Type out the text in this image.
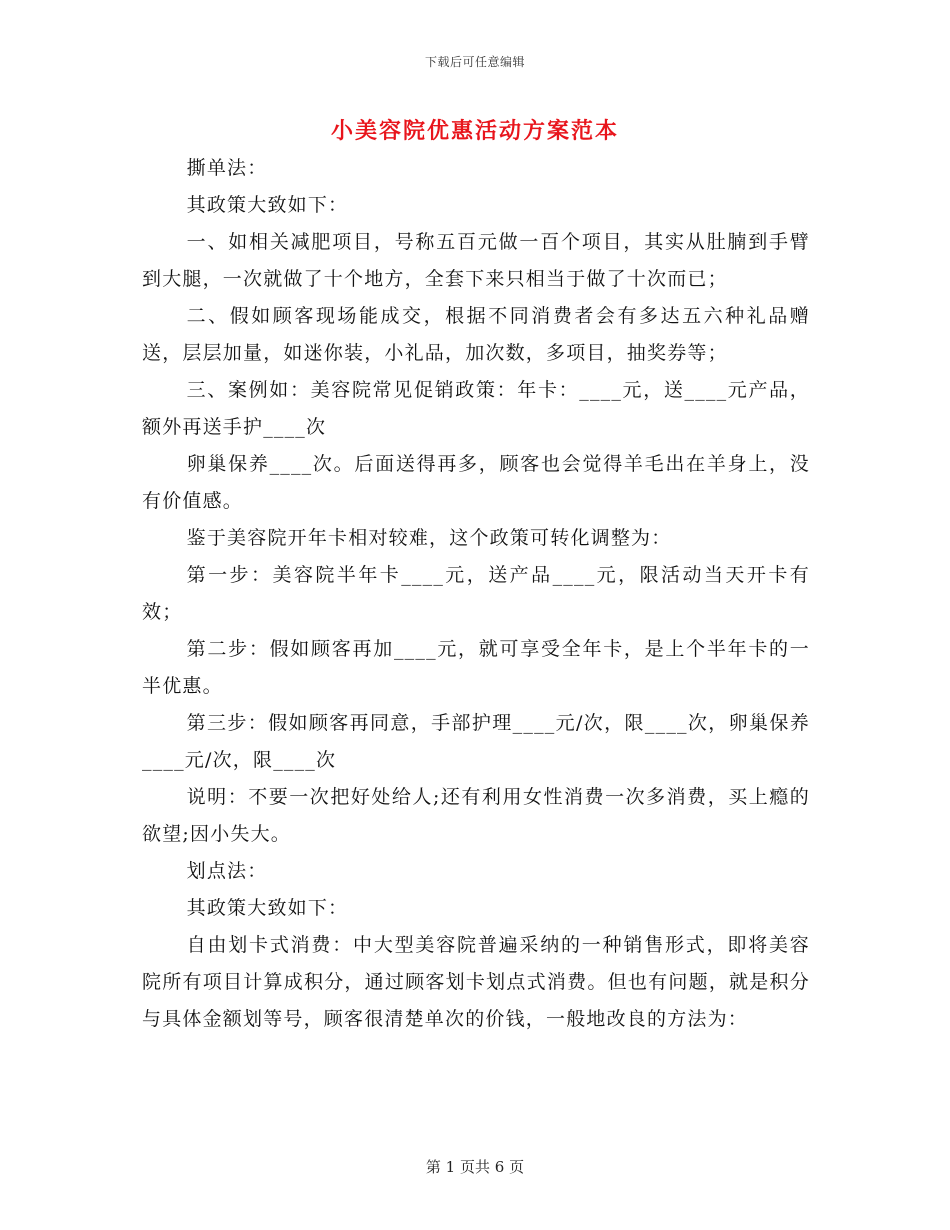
下载后可任意编辑
小美容院优惠活动方案范本

撕单法：

其政策大致如下：

一、如相关减肥项目，号称五百元做一百个项目，其实从肚腩到手臂到大腿，一次就做了十个地方，全套下来只相当于做了十次而已；

二、假如顾客现场能成交，根据不同消费者会有多达五六种礼品赠送，层层加量，如迷你装，小礼品，加次数，多项目，抽奖券等；

三、案例如：美容院常见促销政策：年卡：____元，送____元产品，额外再送手护____次

卵巢保养____次。后面送得再多，顾客也会觉得羊毛出在羊身上，没有价值感。

鉴于美容院开年卡相对较难，这个政策可转化调整为：

第一步：美容院半年卡____元，送产品____元，限活动当天开卡有效；

第二步：假如顾客再加____元，就可享受全年卡，是上个半年卡的一半优惠。

第三步：假如顾客再同意，手部护理____元/次，限____次，卵巢保养____元/次，限____次

说明：不要一次把好处给人;还有利用女性消费一次多消费，买上瘾的欲望;因小失大。

划点法：

其政策大致如下：

自由划卡式消费：中大型美容院普遍采纳的一种销售形式，即将美容院所有项目计算成积分，通过顾客划卡划点式消费。但也有问题，就是积分与具体金额划等号，顾客很清楚单次的价钱，一般地改良的方法为：

第 1 页共 6 页
